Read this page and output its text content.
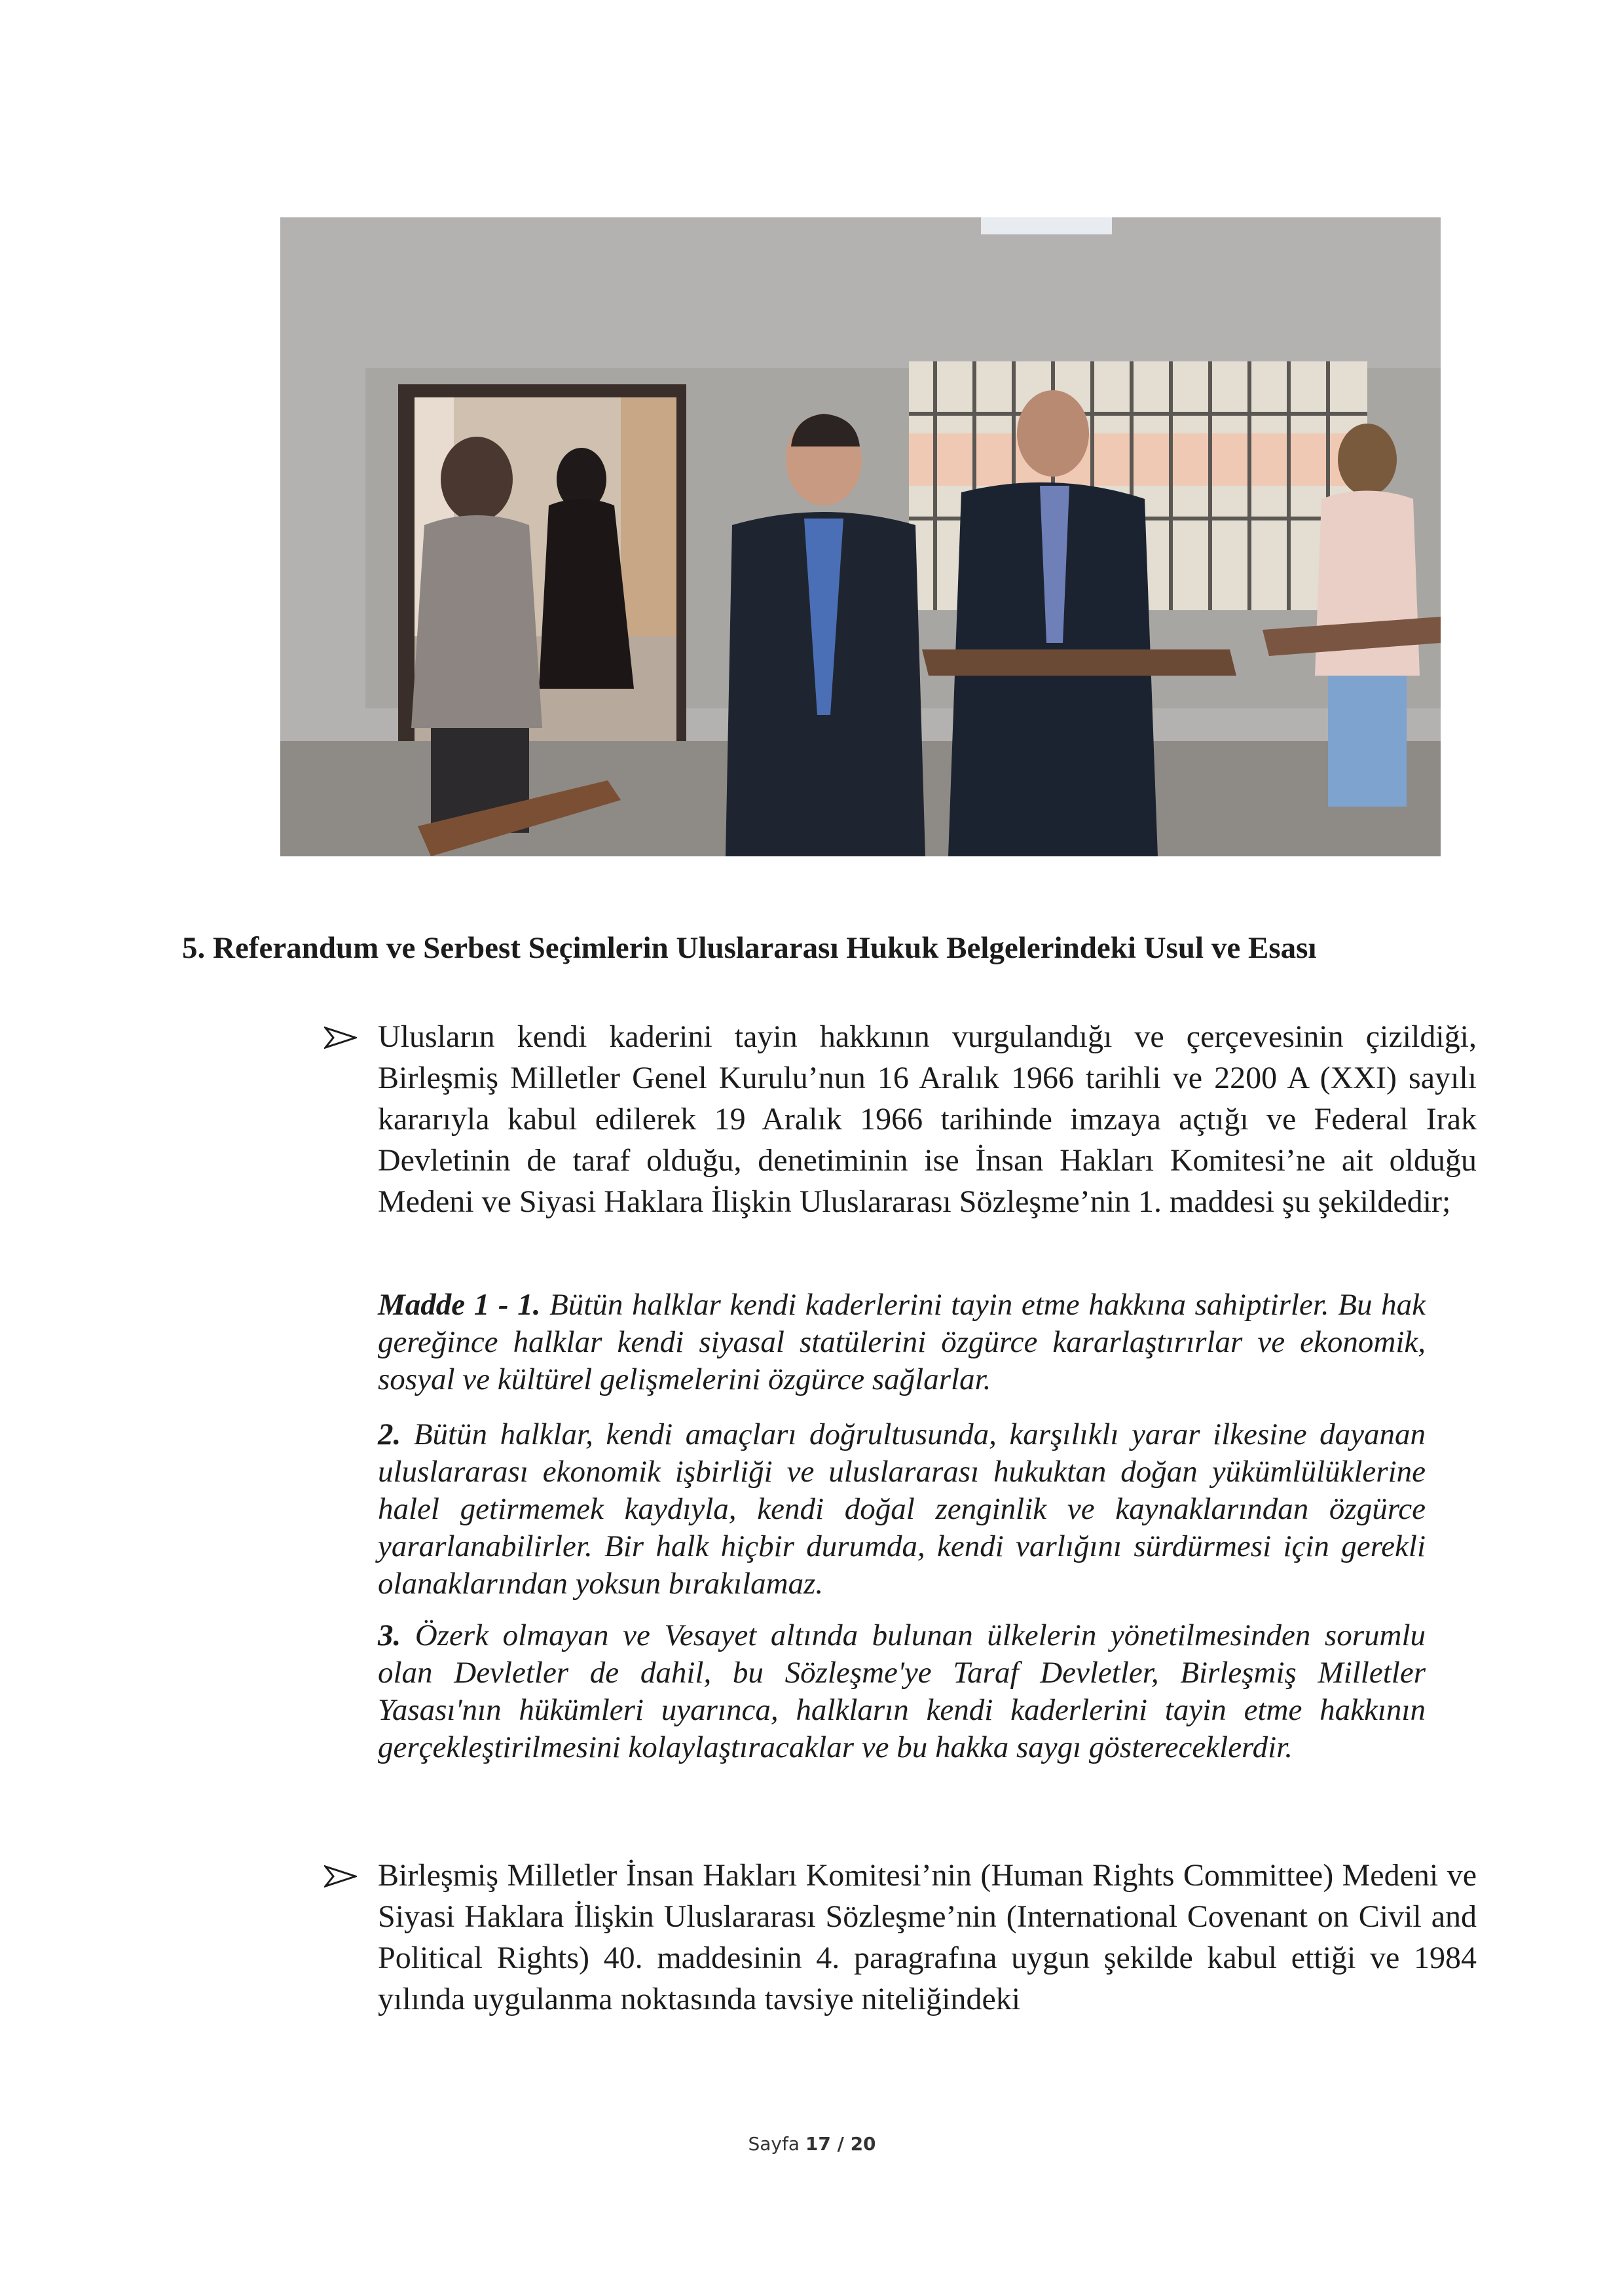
5. Referandum ve Serbest Seçimlerin Uluslararası Hukuk Belgelerindeki Usul ve Esası
Ulusların kendi kaderini tayin hakkının vurgulandığı ve çerçevesinin çizildiği, Birleşmiş Milletler Genel Kurulu’nun 16 Aralık 1966 tarihli ve 2200 A (XXI) sayılı kararıyla kabul edilerek 19 Aralık 1966 tarihinde imzaya açtığı ve Federal Irak Devletinin de taraf olduğu, denetiminin ise İnsan Hakları Komitesi’ne ait olduğu Medeni ve Siyasi Haklara İlişkin Uluslararası Sözleşme’nin 1. maddesi şu şekildedir;
Madde 1 - 1. Bütün halklar kendi kaderlerini tayin etme hakkına sahiptirler. Bu hak gereğince halklar kendi siyasal statülerini özgürce kararlaştırırlar ve ekonomik, sosyal ve kültürel gelişmelerini özgürce sağlarlar.
2. Bütün halklar, kendi amaçları doğrultusunda, karşılıklı yarar ilkesine dayanan uluslararası ekonomik işbirliği ve uluslararası hukuktan doğan yükümlülüklerine halel getirmemek kaydıyla, kendi doğal zenginlik ve kaynaklarından özgürce yararlanabilirler. Bir halk hiçbir durumda, kendi varlığını sürdürmesi için gerekli olanaklarından yoksun bırakılamaz.
3. Özerk olmayan ve Vesayet altında bulunan ülkelerin yönetilmesinden sorumlu olan Devletler de dahil, bu Sözleşme'ye Taraf Devletler, Birleşmiş Milletler Yasası'nın hükümleri uyarınca, halkların kendi kaderlerini tayin etme hakkının gerçekleştirilmesini kolaylaştıracaklar ve bu hakka saygı göstereceklerdir.
Birleşmiş Milletler İnsan Hakları Komitesi’nin (Human Rights Committee) Medeni ve Siyasi Haklara İlişkin Uluslararası Sözleşme’nin (International Covenant on Civil and Political Rights) 40. maddesinin 4. paragrafına uygun şekilde kabul ettiği ve 1984 yılında uygulanma noktasında tavsiye niteliğindeki
Sayfa 17 / 20
